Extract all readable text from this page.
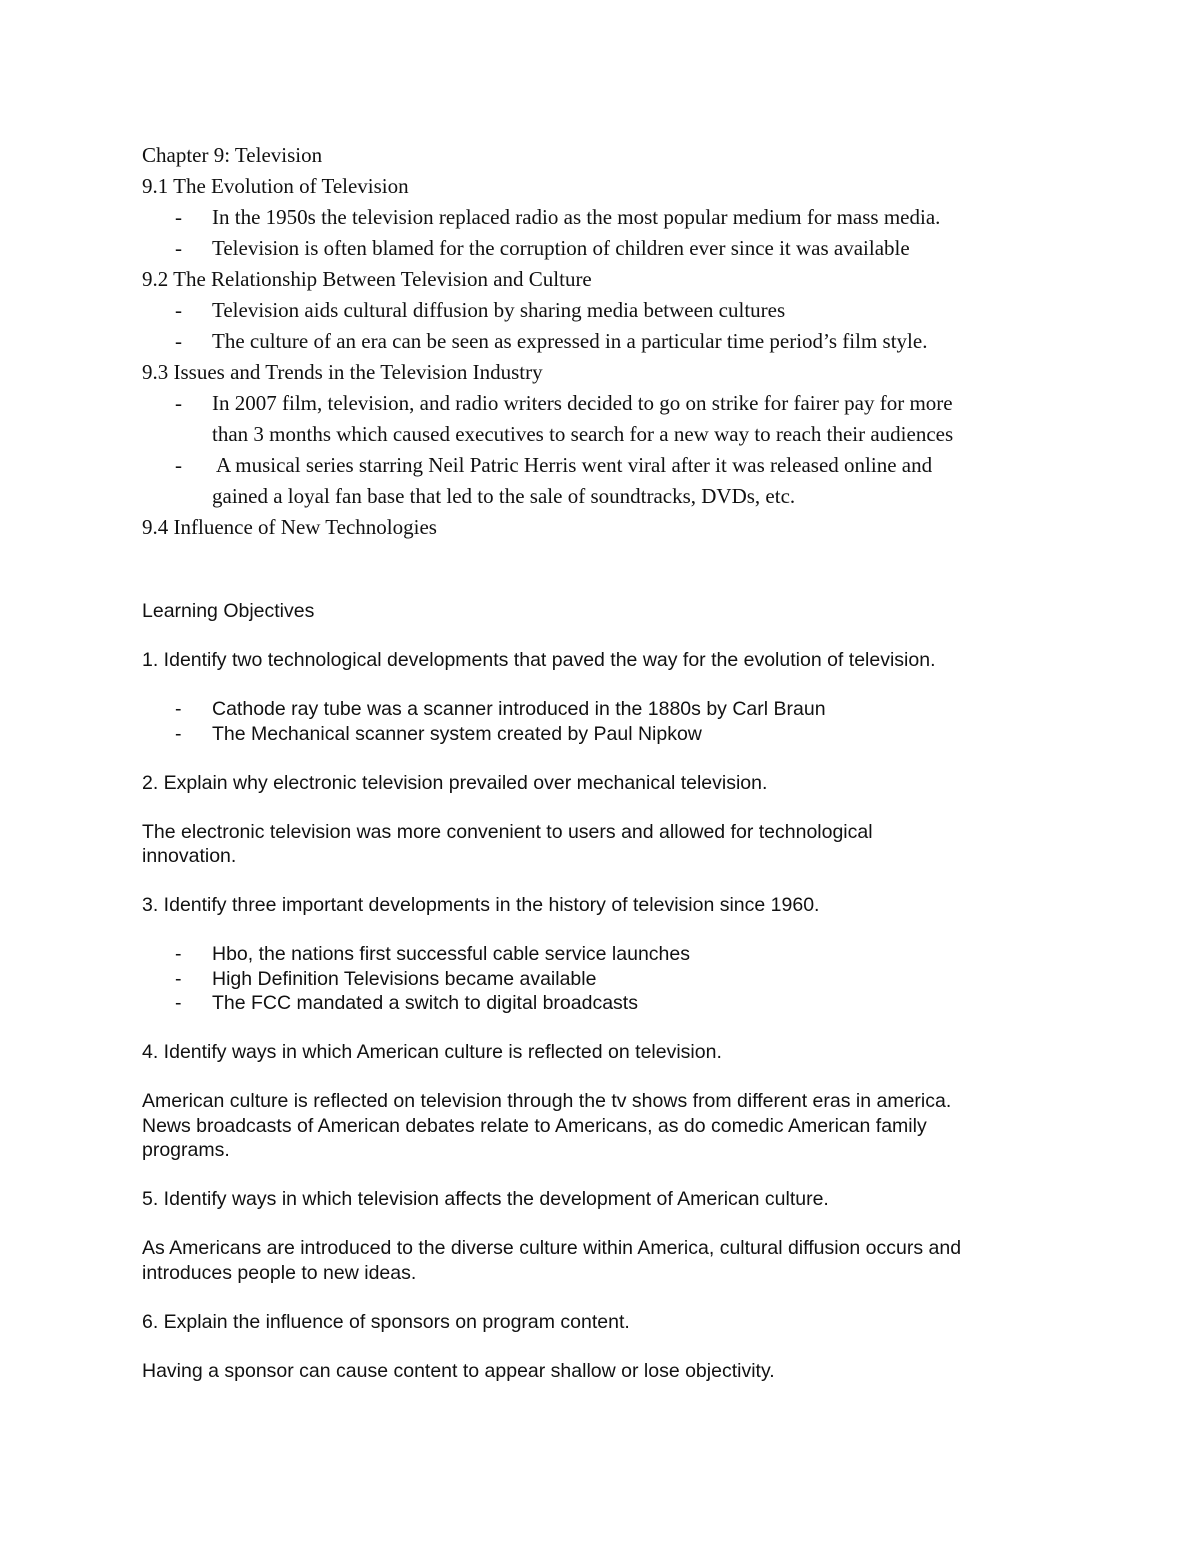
Chapter 9: Television
9.1 The Evolution of Television
- In the 1950s the television replaced radio as the most popular medium for mass media.
- Television is often blamed for the corruption of children ever since it was available
9.2 The Relationship Between Television and Culture
- Television aids cultural diffusion by sharing media between cultures
- The culture of an era can be seen as expressed in a particular time period’s film style.
9.3 Issues and Trends in the Television Industry
- In 2007 film, television, and radio writers decided to go on strike for fairer pay for more
than 3 months which caused executives to search for a new way to reach their audiences
- A musical series starring Neil Patric Herris went viral after it was released online and
gained a loyal fan base that led to the sale of soundtracks, DVDs, etc.
9.4 Influence of New Technologies

Learning Objectives

1. Identify two technological developments that paved the way for the evolution of television.

- Cathode ray tube was a scanner introduced in the 1880s by Carl Braun
- The Mechanical scanner system created by Paul Nipkow

2. Explain why electronic television prevailed over mechanical television.

The electronic television was more convenient to users and allowed for technological

innovation.

3. Identify three important developments in the history of television since 1960.

- Hbo, the nations first successful cable service launches
- High Definition Televisions became available
- The FCC mandated a switch to digital broadcasts

4. Identify ways in which American culture is reflected on television.

American culture is reflected on television through the tv shows from different eras in america.

News broadcasts of American debates relate to Americans, as do comedic American family

programs.

5. Identify ways in which television affects the development of American culture.

As Americans are introduced to the diverse culture within America, cultural diffusion occurs and

introduces people to new ideas.

6. Explain the influence of sponsors on program content.

Having a sponsor can cause content to appear shallow or lose objectivity.
